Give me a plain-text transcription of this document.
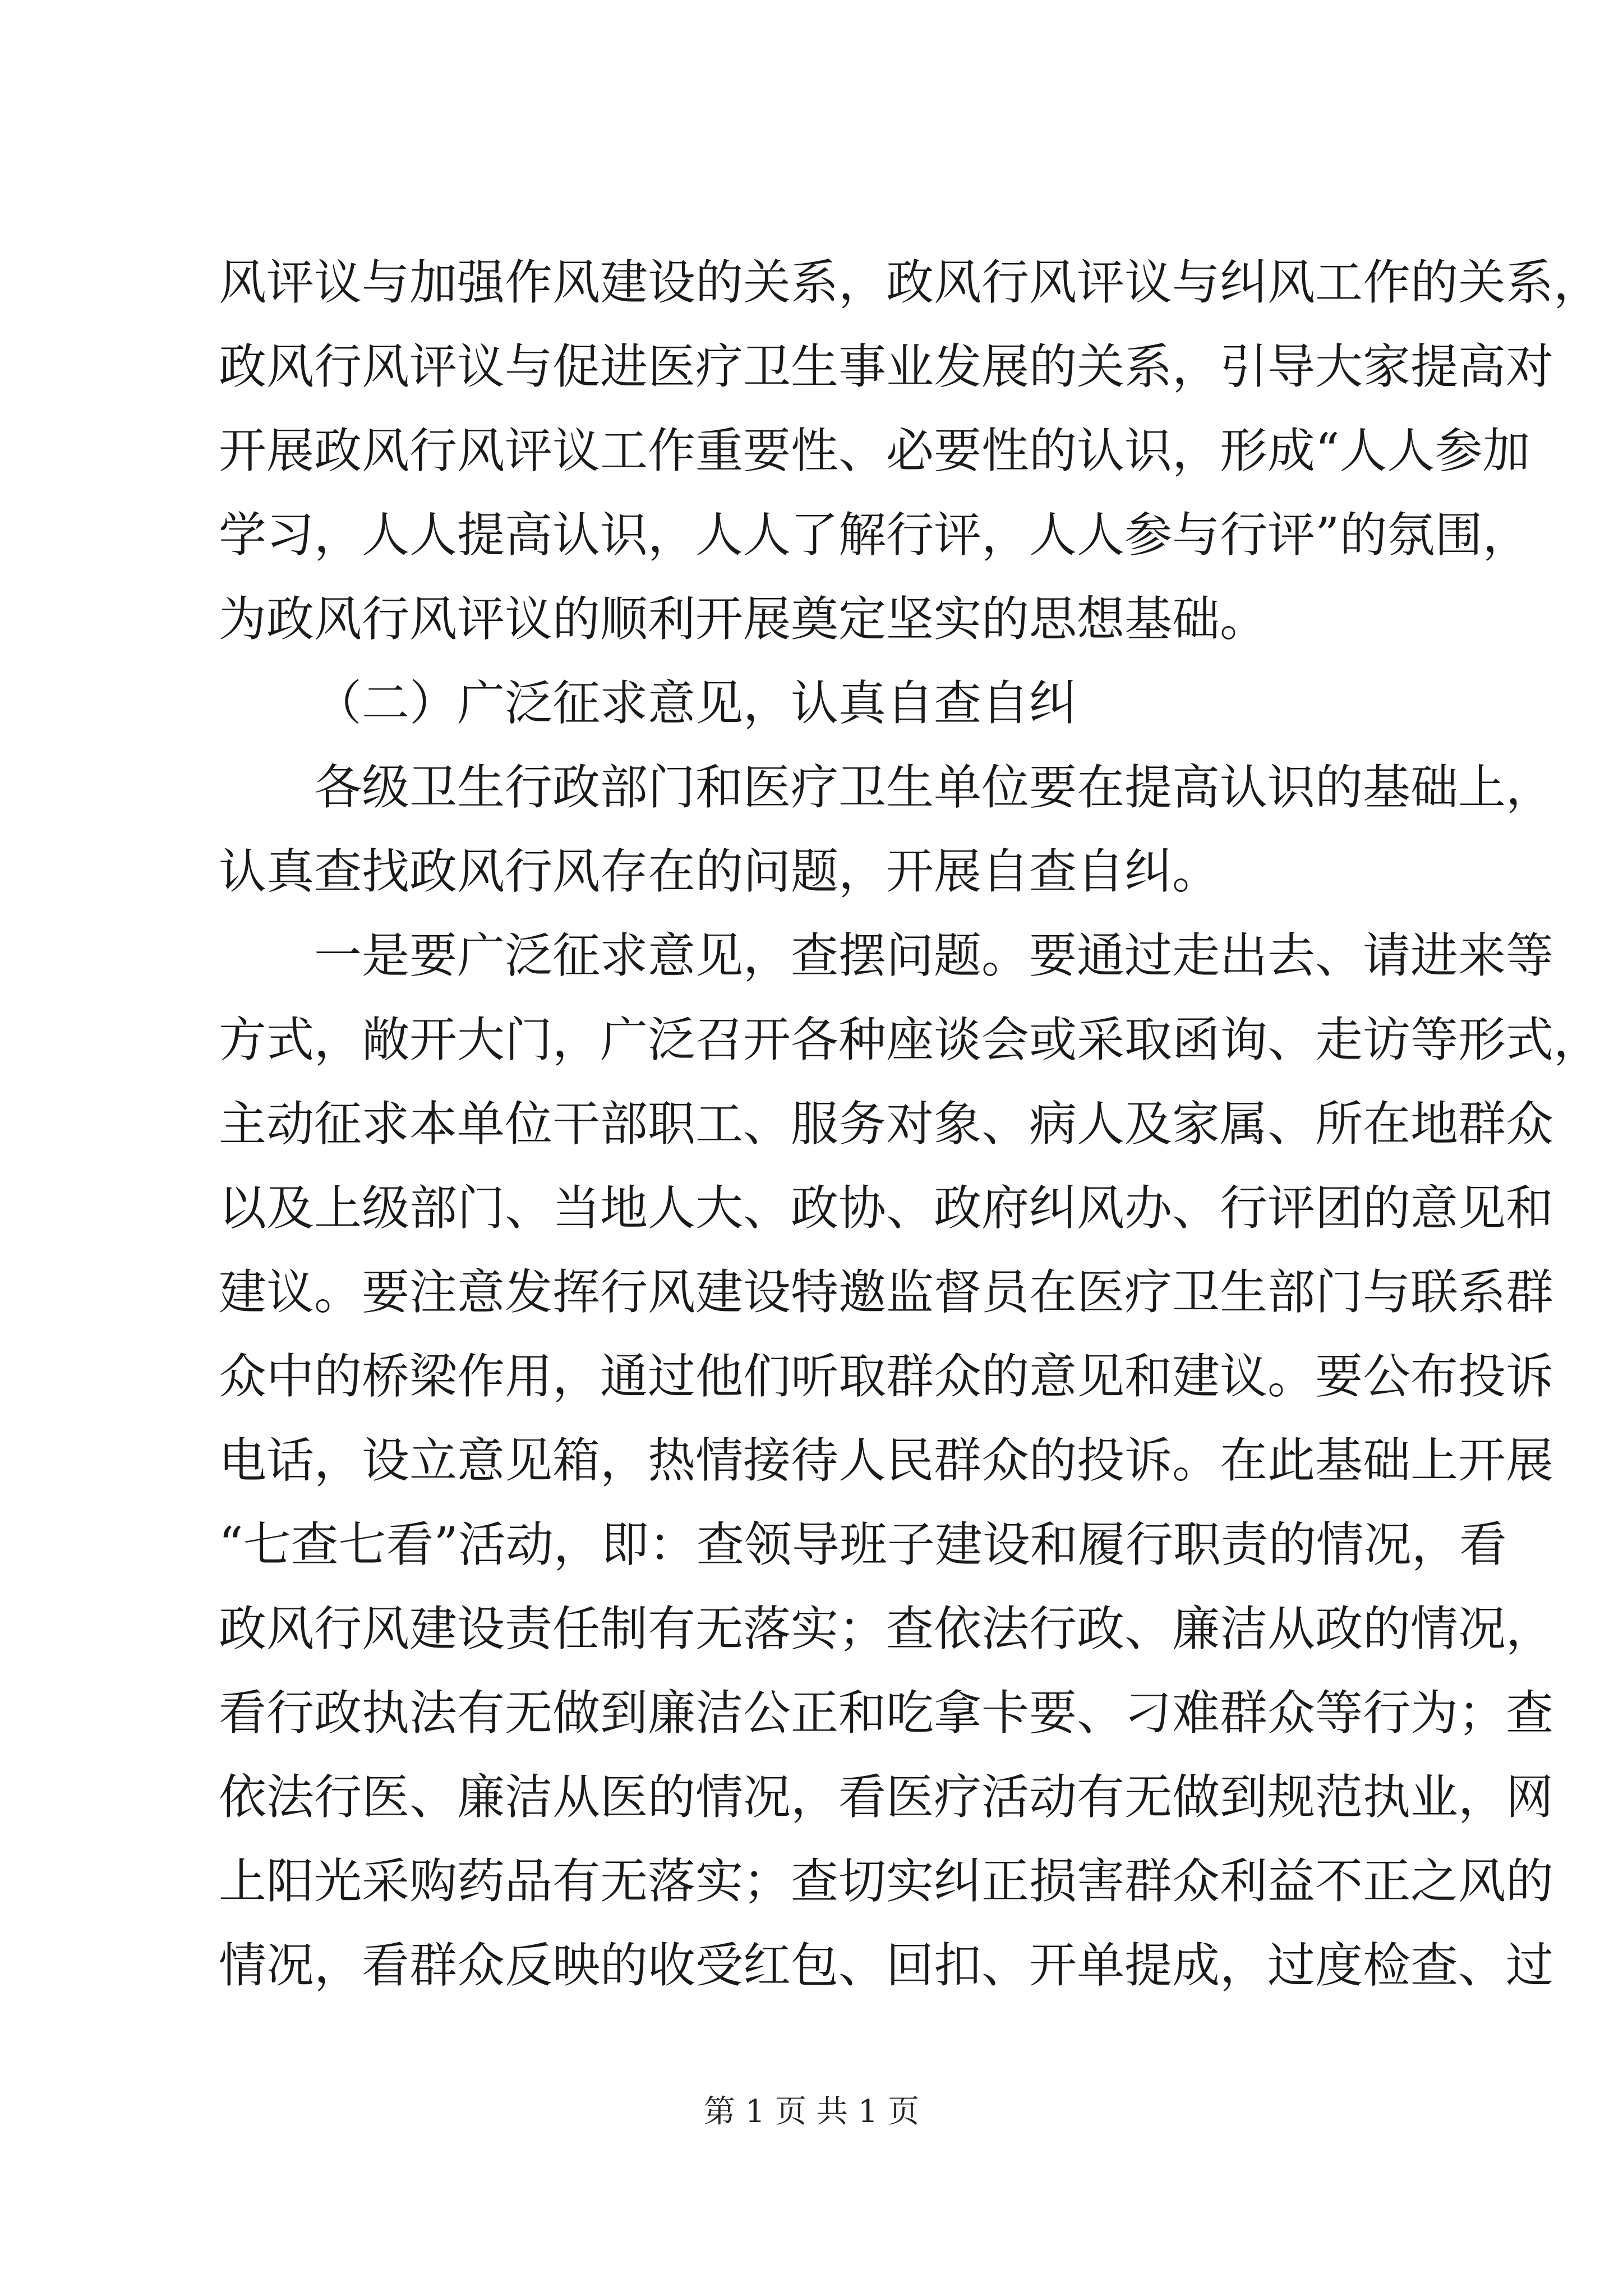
风评议与加强作风建设的关系，政风行风评议与纠风工作的关系，
政风行风评议与促进医疗卫生事业发展的关系，引导大家提高对
开展政风行风评议工作重要性、必要性的认识，形成“人人参加
学习，人人提高认识，人人了解行评，人人参与行评”的氛围，
为政风行风评议的顺利开展奠定坚实的思想基础。
（二）广泛征求意见，认真自查自纠
各级卫生行政部门和医疗卫生单位要在提高认识的基础上，
认真查找政风行风存在的问题，开展自查自纠。
一是要广泛征求意见，查摆问题。要通过走出去、请进来等
方式，敞开大门，广泛召开各种座谈会或采取函询、走访等形式，
主动征求本单位干部职工、服务对象、病人及家属、所在地群众
以及上级部门、当地人大、政协、政府纠风办、行评团的意见和
建议。要注意发挥行风建设特邀监督员在医疗卫生部门与联系群
众中的桥梁作用，通过他们听取群众的意见和建议。要公布投诉
电话，设立意见箱，热情接待人民群众的投诉。在此基础上开展
“七查七看”活动，即：查领导班子建设和履行职责的情况，看
政风行风建设责任制有无落实；查依法行政、廉洁从政的情况，
看行政执法有无做到廉洁公正和吃拿卡要、刁难群众等行为；查
依法行医、廉洁从医的情况，看医疗活动有无做到规范执业，网
上阳光采购药品有无落实；查切实纠正损害群众利益不正之风的
情况，看群众反映的收受红包、回扣、开单提成，过度检查、过
第 1 页 共 1 页
